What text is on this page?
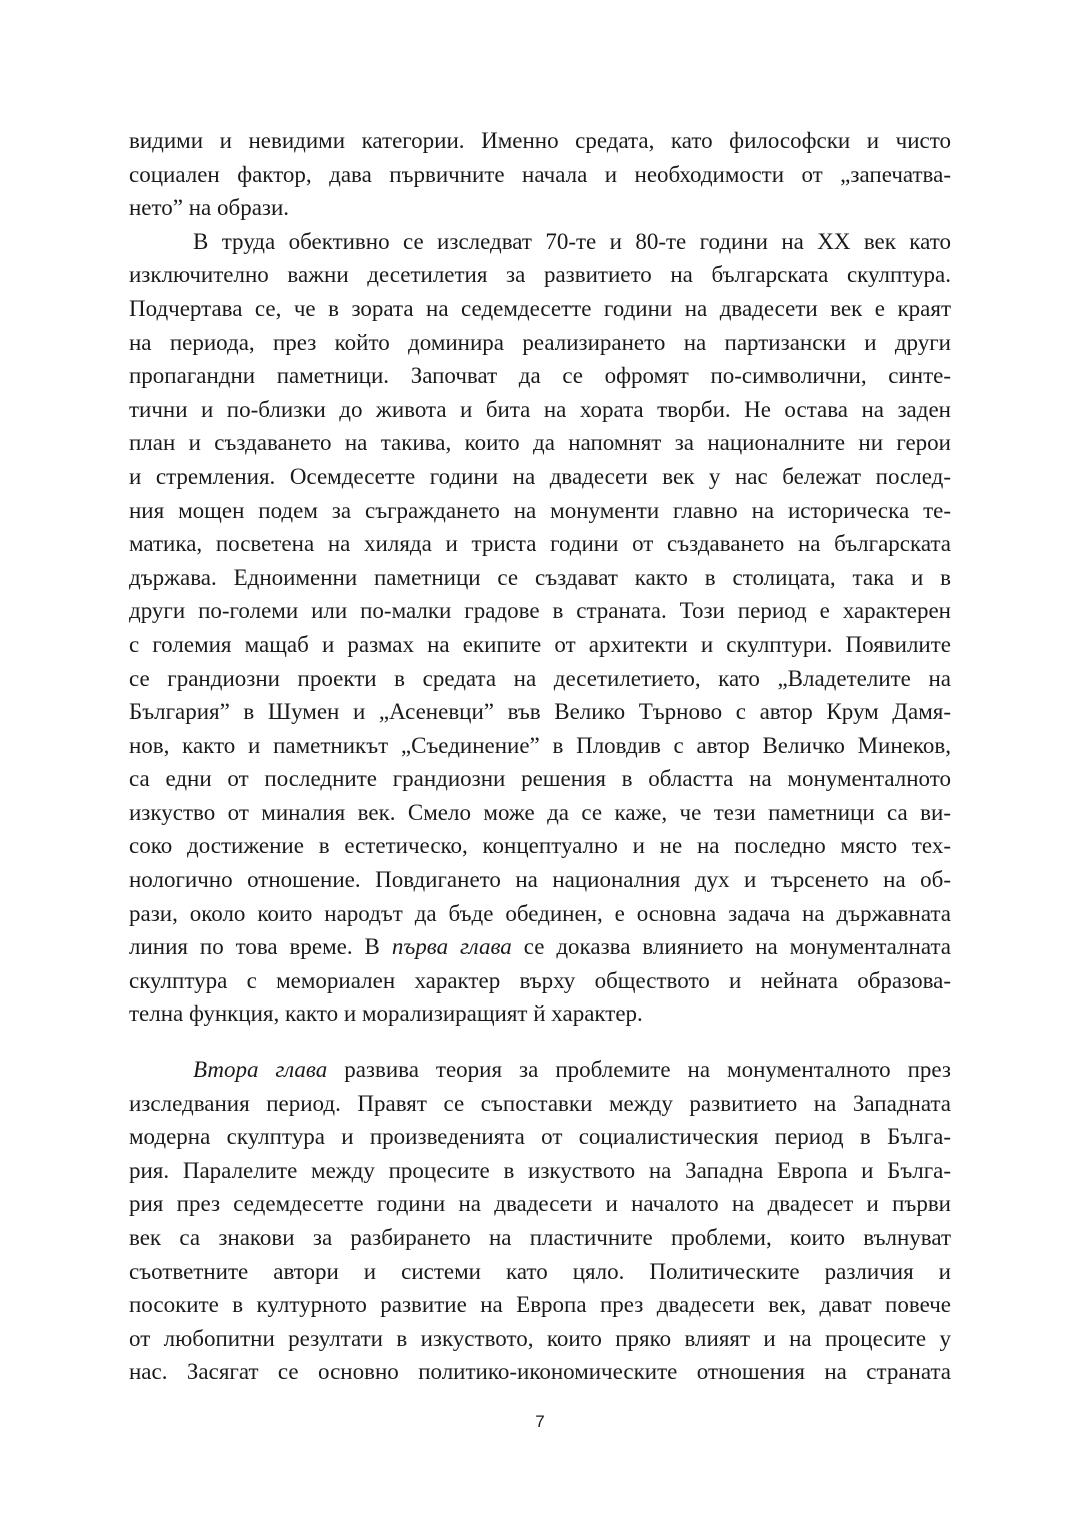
видими и невидими категории. Именно средата, като философски и чисто
социален фактор, дава първичните начала и необходимости от „запечатва-
нето” на образи.

В труда обективно се изследват 70-те и 80-те години на XX век като
изключително важни десетилетия за развитието на българската скулптура.
Подчертава се, че в зората на седемдесетте години на двадесети век е краят
на периода, през който доминира реализирането на партизански и други
пропагандни паметници. Започват да се офромят по-символични, синте-
тични и по-близки до живота и бита на хората творби. Не остава на заден
план и създаването на такива, които да напомнят за националните ни герои
и стремления. Осемдесетте години на двадесети век у нас бележат послед-
ния мощен подем за съграждането на монументи главно на историческа те-
матика, посветена на хиляда и триста години от създаването на българската
държава. Едноименни паметници се създават както в столицата, така и в
други по-големи или по-малки градове в страната. Този период е характерен
с големия мащаб и размах на екипите от архитекти и скулптури. Появилите
се грандиозни проекти в средата на десетилетието, като „Владетелите на
България” в Шумен и „Асеневци” във Велико Търново с автор Крум Дамя-
нов, както и паметникът „Съединение” в Пловдив с автор Величко Минеков,
са едни от последните грандиозни решения в областта на монументалното
изкуство от миналия век. Смело може да се каже, че тези паметници са ви-
соко достижение в естетическо, концептуално и не на последно място тех-
нологично отношение. Повдигането на националния дух и търсенето на об-
рази, около които народът да бъде обединен, е основна задача на държавната
линия по това време. В първа глава се доказва влиянието на монументалната
скулптура с мемориален характер върху обществото и нейната образова-
телна функция, както и морализиращият й характер.

Втора глава развива теория за проблемите на монументалното през
изследвания период. Правят се съпоставки между развитието на Западната
модерна скулптура и произведенията от социалистическия период в Бълга-
рия. Паралелите между процесите в изкуството на Западна Европа и Бълга-
рия през седемдесетте години на двадесети и началото на двадесет и първи
век са знакови за разбирането на пластичните проблеми, които вълнуват
съответните автори и системи като цяло. Политическите различия и
посоките в културното развитие на Европа през двадесети век, дават повече
от любопитни резултати в изкуството, които пряко влияят и на процесите у
нас. Засягат се основно политико-икономическите отношения на страната

7
